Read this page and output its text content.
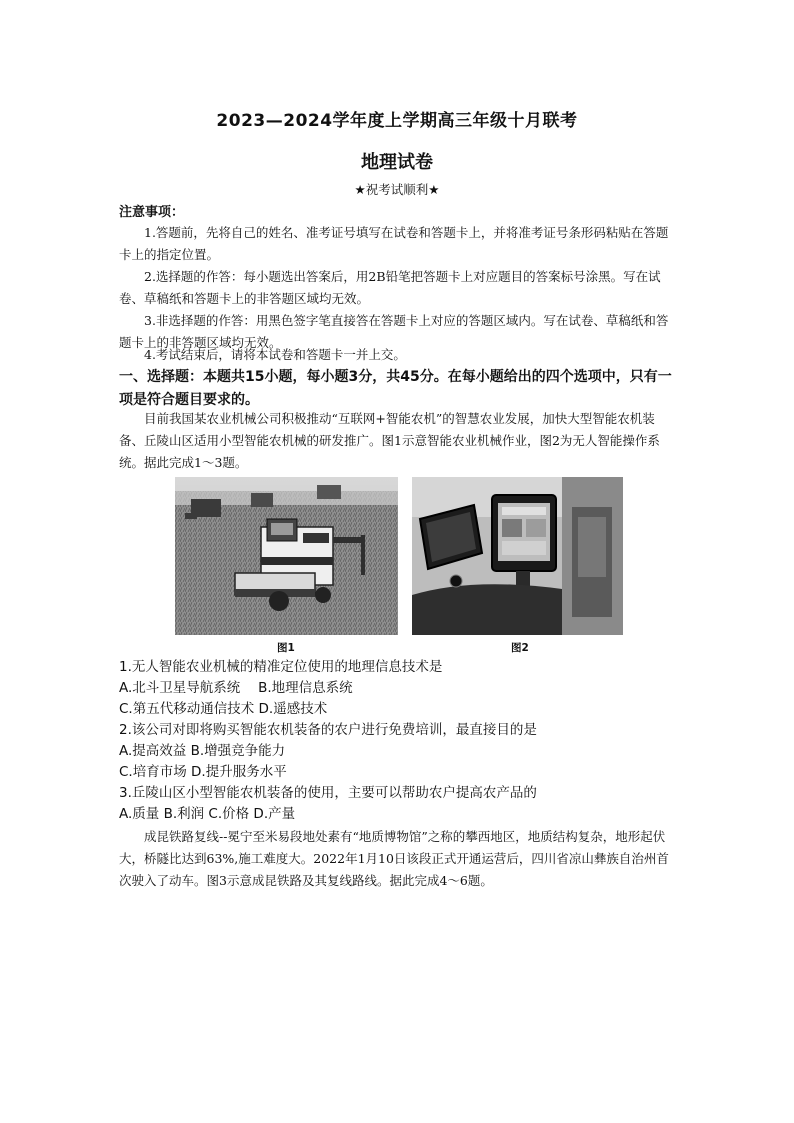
2023—2024学年度上学期高三年级十月联考
地理试卷
★祝考试顺利★
注意事项：

1.答题前，先将自己的姓名、准考证号填写在试卷和答题卡上，并将准考证号条形码粘贴在答题卡上的指定位置。

2.选择题的作答：每小题选出答案后，用2B铅笔把答题卡上对应题目的答案标号涂黑。写在试卷、草稿纸和答题卡上的非答题区域均无效。

3.非选择题的作答：用黑色签字笔直接答在答题卡上对应的答题区域内。写在试卷、草稿纸和答题卡上的非答题区域均无效。

4.考试结束后，请将本试卷和答题卡一并上交。

一、选择题：本题共15小题，每小题3分，共45分。在每小题给出的四个选项中，只有一项是符合题目要求的。

目前我国某农业机械公司积极推动“互联网+智能农机”的智慧农业发展，加快大型智能农机装备、丘陵山区适用小型智能农机械的研发推广。图1示意智能农业机械作业，图2为无人智能操作系统。据此完成1～3题。

图1	图2

1.无人智能农业机械的精准定位使用的地理信息技术是

A.北斗卫星导航系统　 B.地理信息系统

C.第五代移动通信技术 D.遥感技术

2.该公司对即将购买智能农机装备的农户进行免费培训，最直接目的是

A.提高效益 B.增强竞争能力

C.培育市场 D.提升服务水平

3.丘陵山区小型智能农机装备的使用，主要可以帮助农户提高农产品的

A.质量 B.利润 C.价格 D.产量

成昆铁路复线--冕宁至米易段地处素有“地质博物馆”之称的攀西地区，地质结构复杂，地形起伏大，桥隧比达到63%,施工难度大。2022年1月10日该段正式开通运营后，四川省凉山彝族自治州首次驶入了动车。图3示意成昆铁路及其复线路线。据此完成4～6题。
